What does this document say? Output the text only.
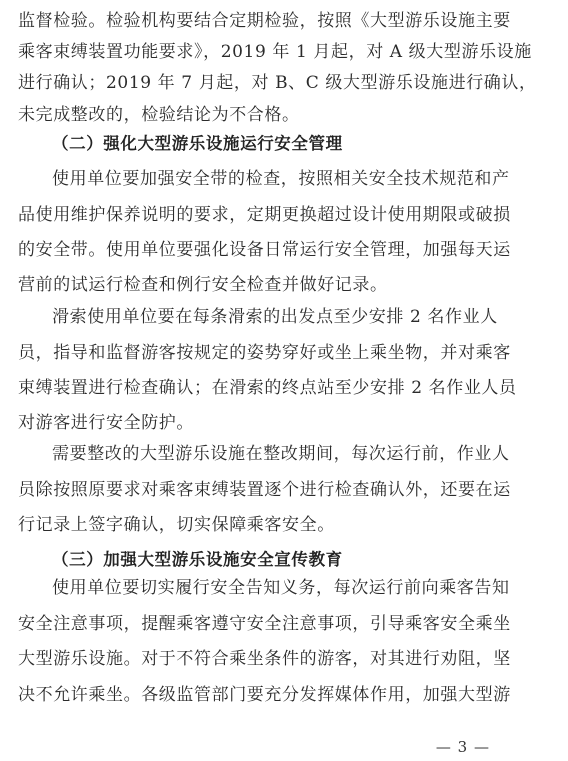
监督检验。检验机构要结合定期检验，按照《大型游乐设施主要
乘客束缚装置功能要求》，2019 年 1 月起，对 A 级大型游乐设施
进行确认；2019 年 7 月起，对 B、C 级大型游乐设施进行确认，
未完成整改的，检验结论为不合格。
（二）强化大型游乐设施运行安全管理
使用单位要加强安全带的检查，按照相关安全技术规范和产
品使用维护保养说明的要求，定期更换超过设计使用期限或破损
的安全带。使用单位要强化设备日常运行安全管理，加强每天运
营前的试运行检查和例行安全检查并做好记录。
滑索使用单位要在每条滑索的出发点至少安排 2 名作业人
员，指导和监督游客按规定的姿势穿好或坐上乘坐物，并对乘客
束缚装置进行检查确认；在滑索的终点站至少安排 2 名作业人员
对游客进行安全防护。
需要整改的大型游乐设施在整改期间，每次运行前，作业人
员除按照原要求对乘客束缚装置逐个进行检查确认外，还要在运
行记录上签字确认，切实保障乘客安全。
（三）加强大型游乐设施安全宣传教育
使用单位要切实履行安全告知义务，每次运行前向乘客告知
安全注意事项，提醒乘客遵守安全注意事项，引导乘客安全乘坐
大型游乐设施。对于不符合乘坐条件的游客，对其进行劝阻，坚
— 3 —
决不允许乘坐。各级监管部门要充分发挥媒体作用，加强大型游
